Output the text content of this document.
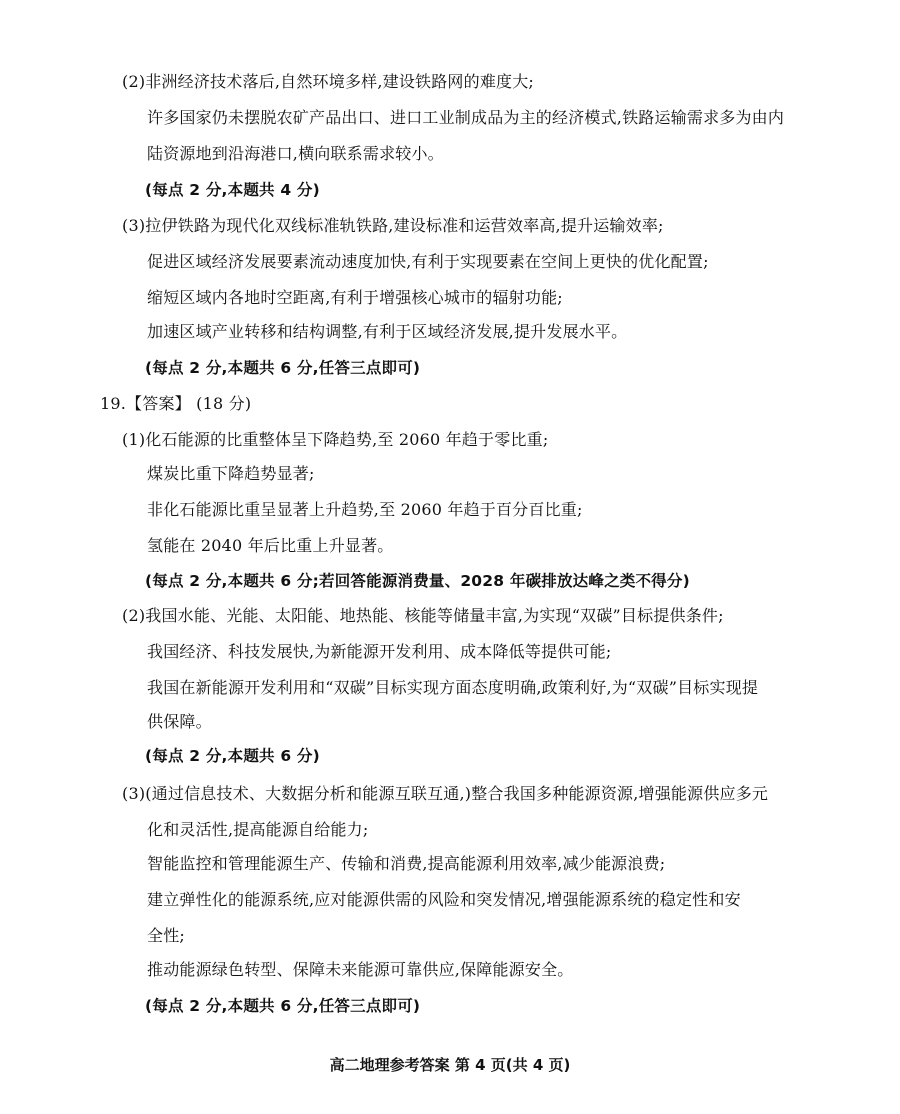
(2)非洲经济技术落后,自然环境多样,建设铁路网的难度大;
许多国家仍未摆脱农矿产品出口、进口工业制成品为主的经济模式,铁路运输需求多为由内
陆资源地到沿海港口,横向联系需求较小。
(每点 2 分,本题共 4 分)
(3)拉伊铁路为现代化双线标准轨铁路,建设标准和运营效率高,提升运输效率;
促进区域经济发展要素流动速度加快,有利于实现要素在空间上更快的优化配置;
缩短区域内各地时空距离,有利于增强核心城市的辐射功能;
加速区域产业转移和结构调整,有利于区域经济发展,提升发展水平。
(每点 2 分,本题共 6 分,任答三点即可)
19.【答案】 (18 分)
(1)化石能源的比重整体呈下降趋势,至 2060 年趋于零比重;
煤炭比重下降趋势显著;
非化石能源比重呈显著上升趋势,至 2060 年趋于百分百比重;
氢能在 2040 年后比重上升显著。
(每点 2 分,本题共 6 分;若回答能源消费量、2028 年碳排放达峰之类不得分)
(2)我国水能、光能、太阳能、地热能、核能等储量丰富,为实现“双碳”目标提供条件;
我国经济、科技发展快,为新能源开发利用、成本降低等提供可能;
我国在新能源开发利用和“双碳”目标实现方面态度明确,政策利好,为“双碳”目标实现提
供保障。
(每点 2 分,本题共 6 分)
(3)(通过信息技术、大数据分析和能源互联互通,)整合我国多种能源资源,增强能源供应多元
化和灵活性,提高能源自给能力;
智能监控和管理能源生产、传输和消费,提高能源利用效率,减少能源浪费;
建立弹性化的能源系统,应对能源供需的风险和突发情况,增强能源系统的稳定性和安
全性;
推动能源绿色转型、保障未来能源可靠供应,保障能源安全。
(每点 2 分,本题共 6 分,任答三点即可)
高二地理参考答案 第 4 页(共 4 页)
